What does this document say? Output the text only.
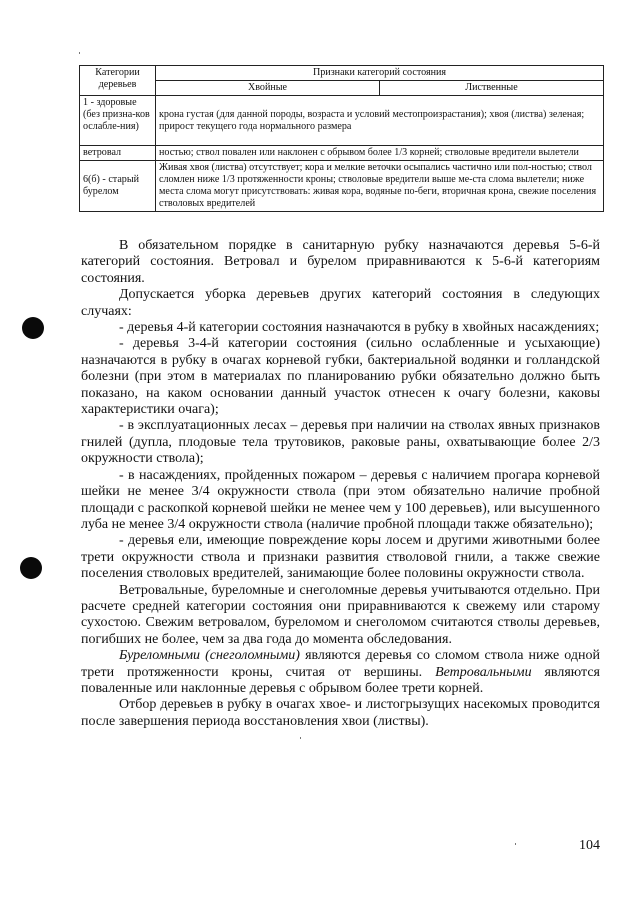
Категории
деревьев	Признаки категорий состояния	
	Хвойные	Лиственные
1 - здоровые (без призна-ков ослабле-ния)	крона густая (для данной породы, возраста и условий местопроизрастания); хвоя (листва) зеленая; прирост текущего года нормального размера	
ветровал	ностью; ствол повален или наклонен с обрывом более 1/3 корней; стволовые вредители вылетели	
6(б) - старый бурелом	Живая хвоя (листва) отсутствует; кора и мелкие веточки осыпались частично или пол-ностью; ствол сломлен ниже 1/3 протяженности кроны; стволовые вредители выше ме-ста слома вылетели; ниже места слома могут присутствовать: живая кора, водяные по-беги, вторичная крона, свежие поселения стволовых вредителей	

В обязательном порядке в санитарную рубку назначаются деревья 5-6-й категорий состояния. Ветровал и бурелом приравниваются к 5-6-й категориям состояния.

Допускается уборка деревьев других категорий состояния в следующих случаях:

- деревья 4-й категории состояния назначаются в рубку в хвойных насаждениях;

- деревья 3-4-й категории состояния (сильно ослабленные и усыхающие) назначаются в рубку в очагах корневой губки, бактериальной водянки и голландской болезни (при этом в материалах по планированию рубки обязательно должно быть показано, на каком основании данный участок отнесен к очагу болезни, каковы характеристики очага);

- в эксплуатационных лесах – деревья при наличии на стволах явных признаков гнилей (дупла, плодовые тела трутовиков, раковые раны, охватывающие более 2/3 окружности ствола);

- в насаждениях, пройденных пожаром – деревья с наличием прогара корневой шейки не менее 3/4 окружности ствола (при этом обязательно наличие пробной площади с раскопкой корневой шейки не менее чем у 100 деревьев), или высушенного луба не менее 3/4 окружности ствола (наличие пробной площади также обязательно);

- деревья ели, имеющие повреждение коры лосем и другими животными более трети окружности ствола и признаки развития стволовой гнили, а также свежие поселения стволовых вредителей, занимающие более половины окружности ствола.

Ветровальные, буреломные и снеголомные деревья учитываются отдельно. При расчете средней категории состояния они приравниваются к свежему или старому сухостою. Свежим ветровалом, буреломом и снеголомом считаются стволы деревьев, погибших не более, чем за два года до момента обследования.

Буреломными (снеголомными) являются деревья со сломом ствола ниже одной трети протяженности кроны, считая от вершины. Ветровальными являются поваленные или наклонные деревья с обрывом более трети корней.

Отбор деревьев в рубку в очагах хвое- и листогрызущих насекомых проводится после завершения периода восстановления хвои (листвы).

104
